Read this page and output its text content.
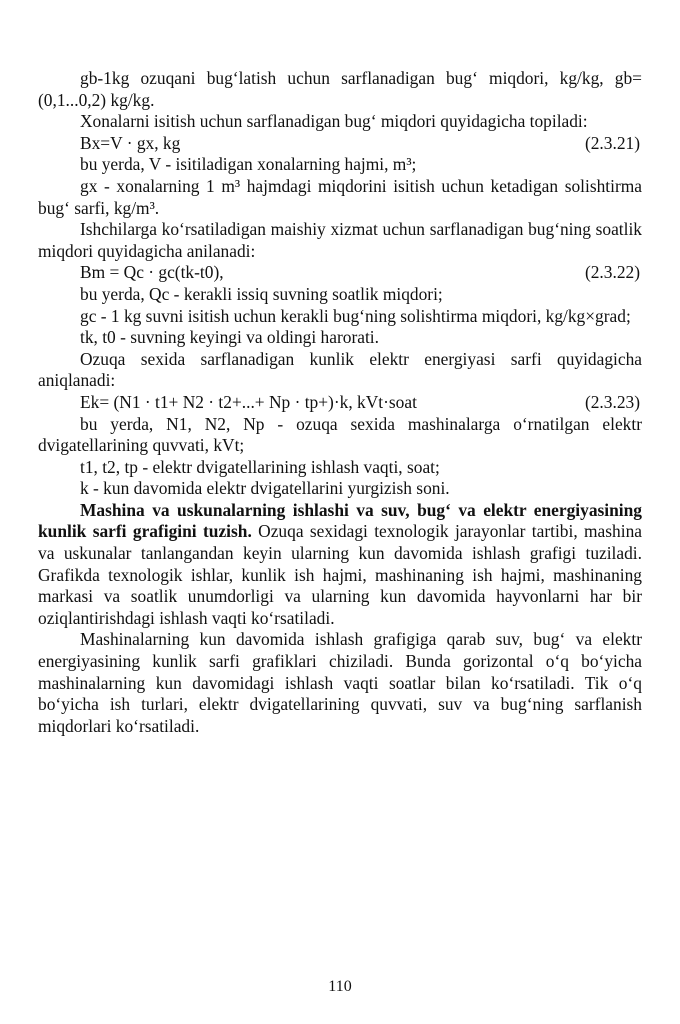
gb-1kg ozuqani bug‘latish uchun sarflanadigan bug‘ miqdori, kg/kg, gb=(0,1...0,2) kg/kg.

Xonalarni isitish uchun sarflanadigan bug‘ miqdori quyidagicha topiladi:

Bx=V · gx, kg	(2.3.21)

bu yerda, V - isitiladigan xonalarning hajmi, m³;

gx - xonalarning 1 m³ hajmdagi miqdorini isitish uchun ketadigan solishtirma bug‘ sarfi, kg/m³.

Ishchilarga ko‘rsatiladigan maishiy xizmat uchun sarflanadigan bug‘ning soatlik miqdori quyidagicha anilanadi:

Bm = Qc · gc(tk-t0),	(2.3.22)

bu yerda, Qc - kerakli issiq suvning soatlik miqdori;

gc - 1 kg suvni isitish uchun kerakli bug‘ning solishtirma miqdori, kg/kg×grad;

tk, t0 - suvning keyingi va oldingi harorati.

Ozuqa sexida sarflanadigan kunlik elektr energiyasi sarfi quyidagicha aniqlanadi:

Ek= (N1 · t1+ N2 · t2+...+ Np · tp+)·k, kVt·soat	(2.3.23)

bu yerda, N1, N2, Np - ozuqa sexida mashinalarga o‘rnatilgan elektr dvigatellarining quvvati, kVt;

t1, t2, tp - elektr dvigatellarining ishlash vaqti, soat;

k - kun davomida elektr dvigatellarini yurgizish soni.

Mashina va uskunalarning ishlashi va suv, bug‘ va elektr energiyasining kunlik sarfi grafigini tuzish. Ozuqa sexidagi texnologik jarayonlar tartibi, mashina va uskunalar tanlangandan keyin ularning kun davomida ishlash grafigi tuziladi. Grafikda texnologik ishlar, kunlik ish hajmi, mashinaning ish hajmi, mashinaning markasi va soatlik unumdorligi va ularning kun davomida hayvonlarni har bir oziqlantirishdagi ishlash vaqti ko‘rsatiladi.

Mashinalarning kun davomida ishlash grafigiga qarab suv, bug‘ va elektr energiyasining kunlik sarfi grafiklari chiziladi. Bunda gorizontal o‘q bo‘yicha mashinalarning kun davomidagi ishlash vaqti soatlar bilan ko‘rsatiladi. Tik o‘q bo‘yicha ish turlari, elektr dvigatellarining quvvati, suv va bug‘ning sarflanish miqdorlari ko‘rsatiladi.

110
